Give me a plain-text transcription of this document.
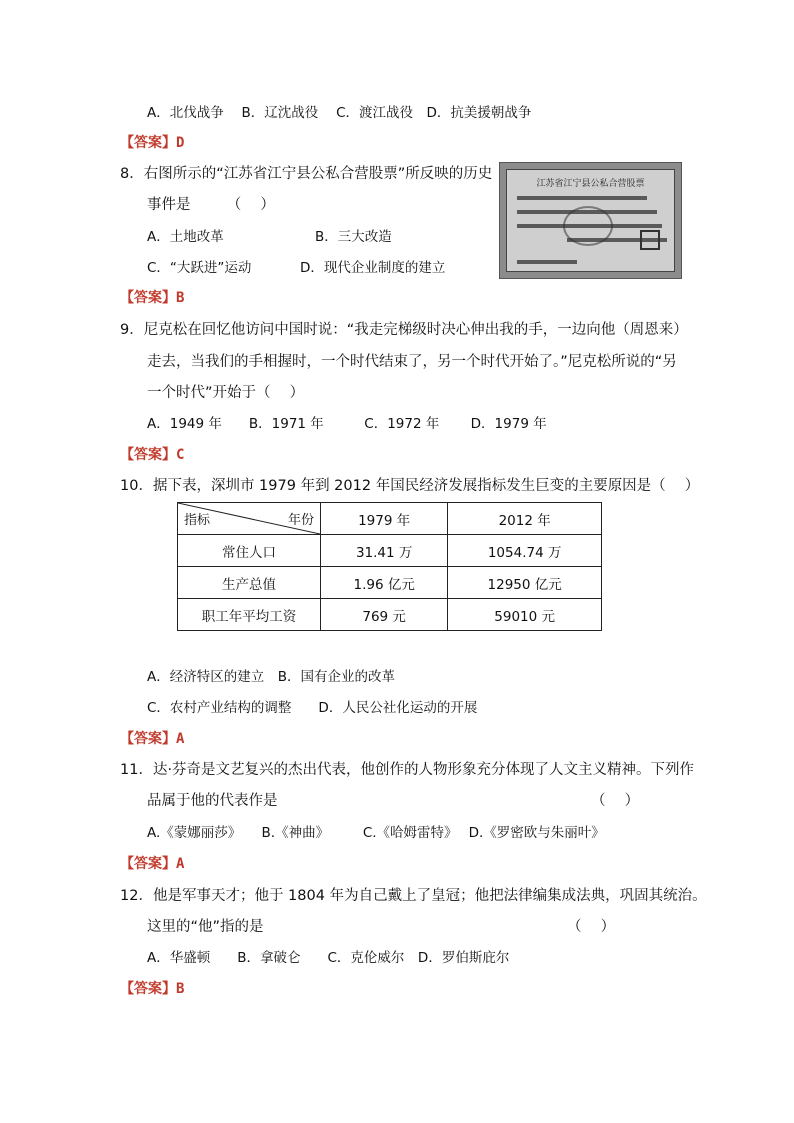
A．北伐战争　 B．辽沈战役　 C．渡江战役　D．抗美援朝战争
【答案】D
8．右图所示的“江苏省江宁县公私合营股票”所反映的历史
事件是　　　（　 ）
A．土地改革	B．三大改造
C．“大跃进”运动	D．现代企业制度的建立
【答案】B
江苏省江宁县公私合营股票
9．尼克松在回忆他访问中国时说：“我走完梯级时决心伸出我的手，一边向他（周恩来）
走去，当我们的手相握时，一个时代结束了，另一个时代开始了。”尼克松所说的“另
一个时代”开始于（　 ）
A．1949 年　　B．1971 年　　　C．1972 年　　 D．1979 年
【答案】C
10．据下表，深圳市 1979 年到 2012 年国民经济发展指标发生巨变的主要原因是（　 ）
指标 年份	1979 年	2012 年
常住人口	31.41 万	1054.74 万
生产总值	1.96 亿元	12950 亿元
职工年平均工资	769 元	59010 元
A．经济特区的建立　B．国有企业的改革
C．农村产业结构的调整　　D．人民公社化运动的开展
【答案】A
11．达·芬奇是文艺复兴的杰出代表，他创作的人物形象充分体现了人文主义精神。下列作
品属于他的代表作是	（　 ）
A.《蒙娜丽莎》　　B.《神曲》　　　C.《哈姆雷特》　 D.《罗密欧与朱丽叶》
【答案】A
12．他是军事天才；他于 1804 年为自己戴上了皇冠；他把法律编集成法典，巩固其统治。
这里的“他”指的是	（　 ）
A．华盛顿　　B．拿破仑　　C．克伦威尔　D．罗伯斯庇尔
【答案】B
